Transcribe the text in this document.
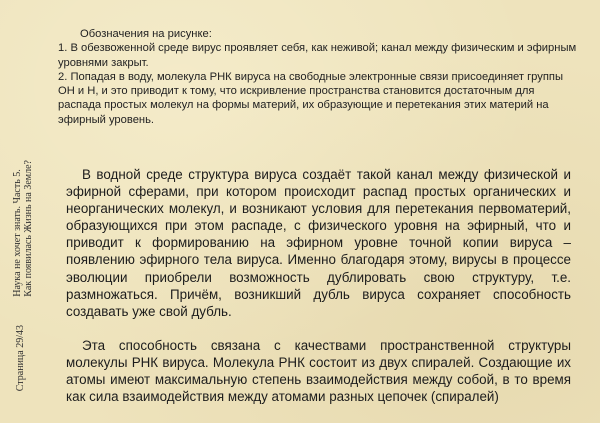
Обозначения на рисунке:
1. В обезвоженной среде вирус проявляет себя, как неживой; канал между физическим и эфирным уровнями закрыт.
2. Попадая в воду, молекула РНК вируса на свободные электронные связи присоединяет группы ОН и Н, и это приводит к тому, что искривление пространства становится достаточным для распада простых молекул на формы материй, их образующие и перетекания этих материй на эфирный уровень.
Наука не хочет знать. Часть 5. Как появилась Жизнь на Земле?
Страница 29/43

В водной среде структура вируса создаёт такой канал между физической и эфирной сферами, при котором происходит распад простых органических и неорганических молекул, и возникают условия для перетекания первоматерий, образующихся при этом распаде, с физического уровня на эфирный, что и приводит к формированию на эфирном уровне точной копии вируса – появлению эфирного тела вируса. Именно благодаря этому, вирусы в процессе эволюции приобрели возможность дублировать свою структуру, т.е. размножаться. Причём, возникший дубль вируса сохраняет способность создавать уже свой дубль.

Эта способность связана с качествами пространственной структуры молекулы РНК вируса. Молекула РНК состоит из двух спиралей. Создающие их атомы имеют максимальную степень взаимодействия между собой, в то время как сила взаимодействия между атомами разных цепочек (спиралей)
